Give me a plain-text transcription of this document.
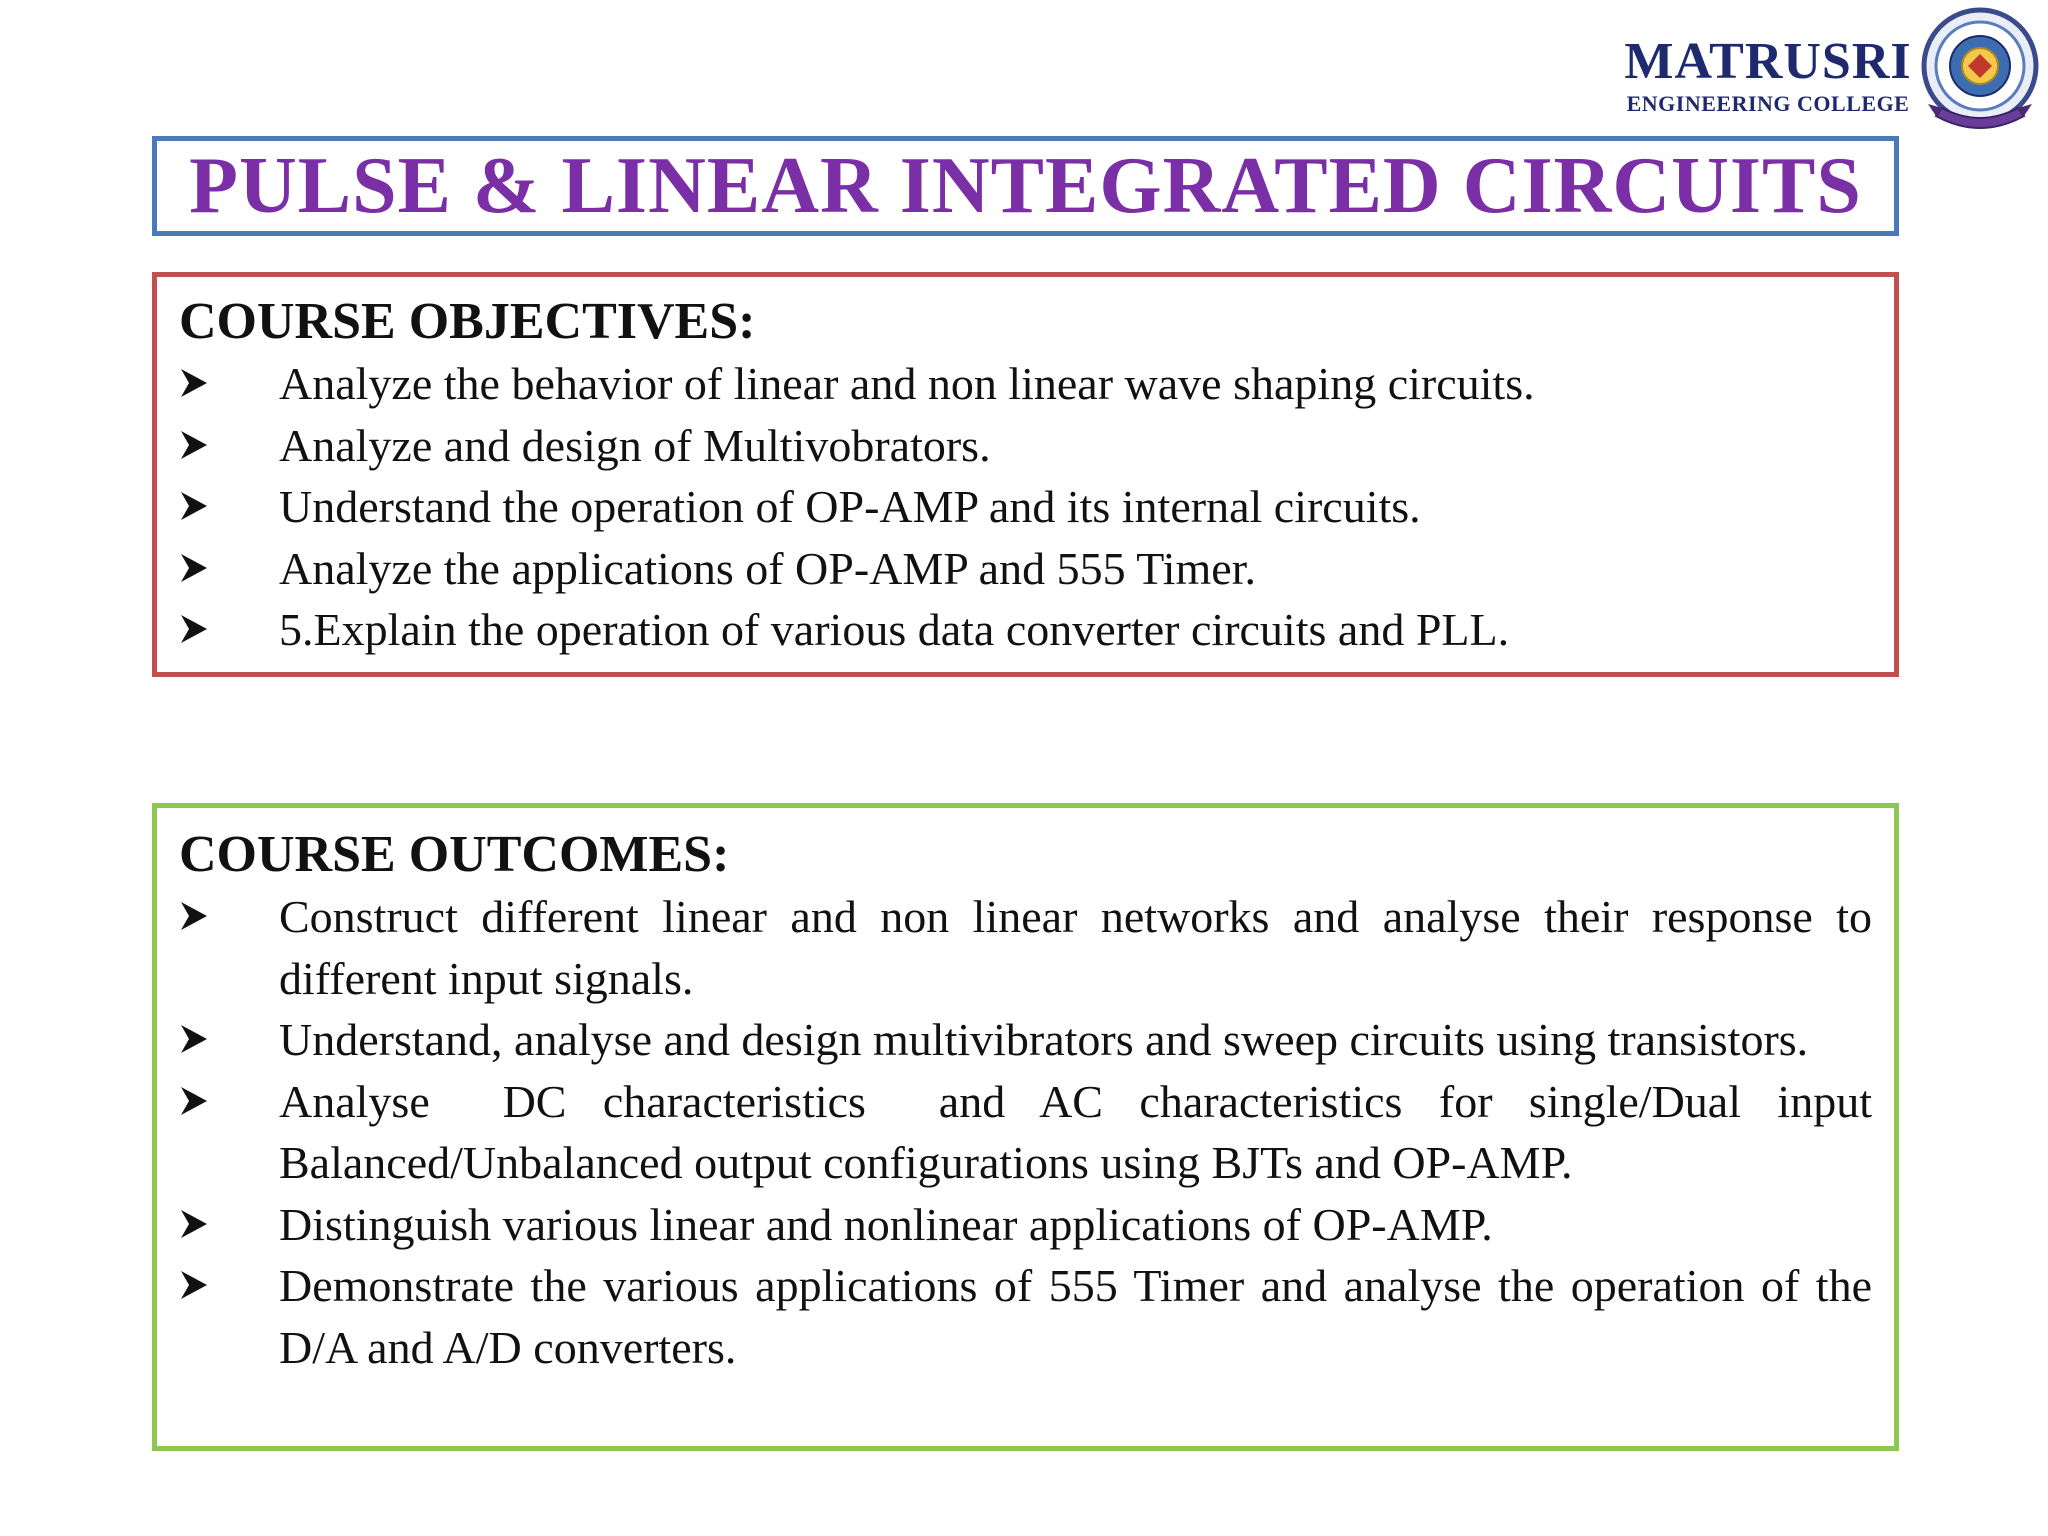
MATRUSRI
ENGINEERING COLLEGE
PULSE & LINEAR INTEGRATED CIRCUITS
COURSE OBJECTIVES:
Analyze the behavior of linear and non linear wave shaping circuits.
Analyze and design of Multivobrators.
Understand the operation of OP-AMP and its internal circuits.
Analyze the applications of OP-AMP and 555 Timer.
5.Explain the operation of various data converter circuits and PLL.
COURSE OUTCOMES:
Construct different linear and non linear networks and analyse their response to different input signals.
Understand, analyse and design multivibrators and sweep circuits using transistors.
Analyse  DC characteristics  and AC characteristics for single/Dual input Balanced/Unbalanced output configurations using BJTs and OP-AMP.
Distinguish various linear and nonlinear applications of OP-AMP.
Demonstrate the various applications of 555 Timer and analyse the operation of the D/A and A/D converters.
